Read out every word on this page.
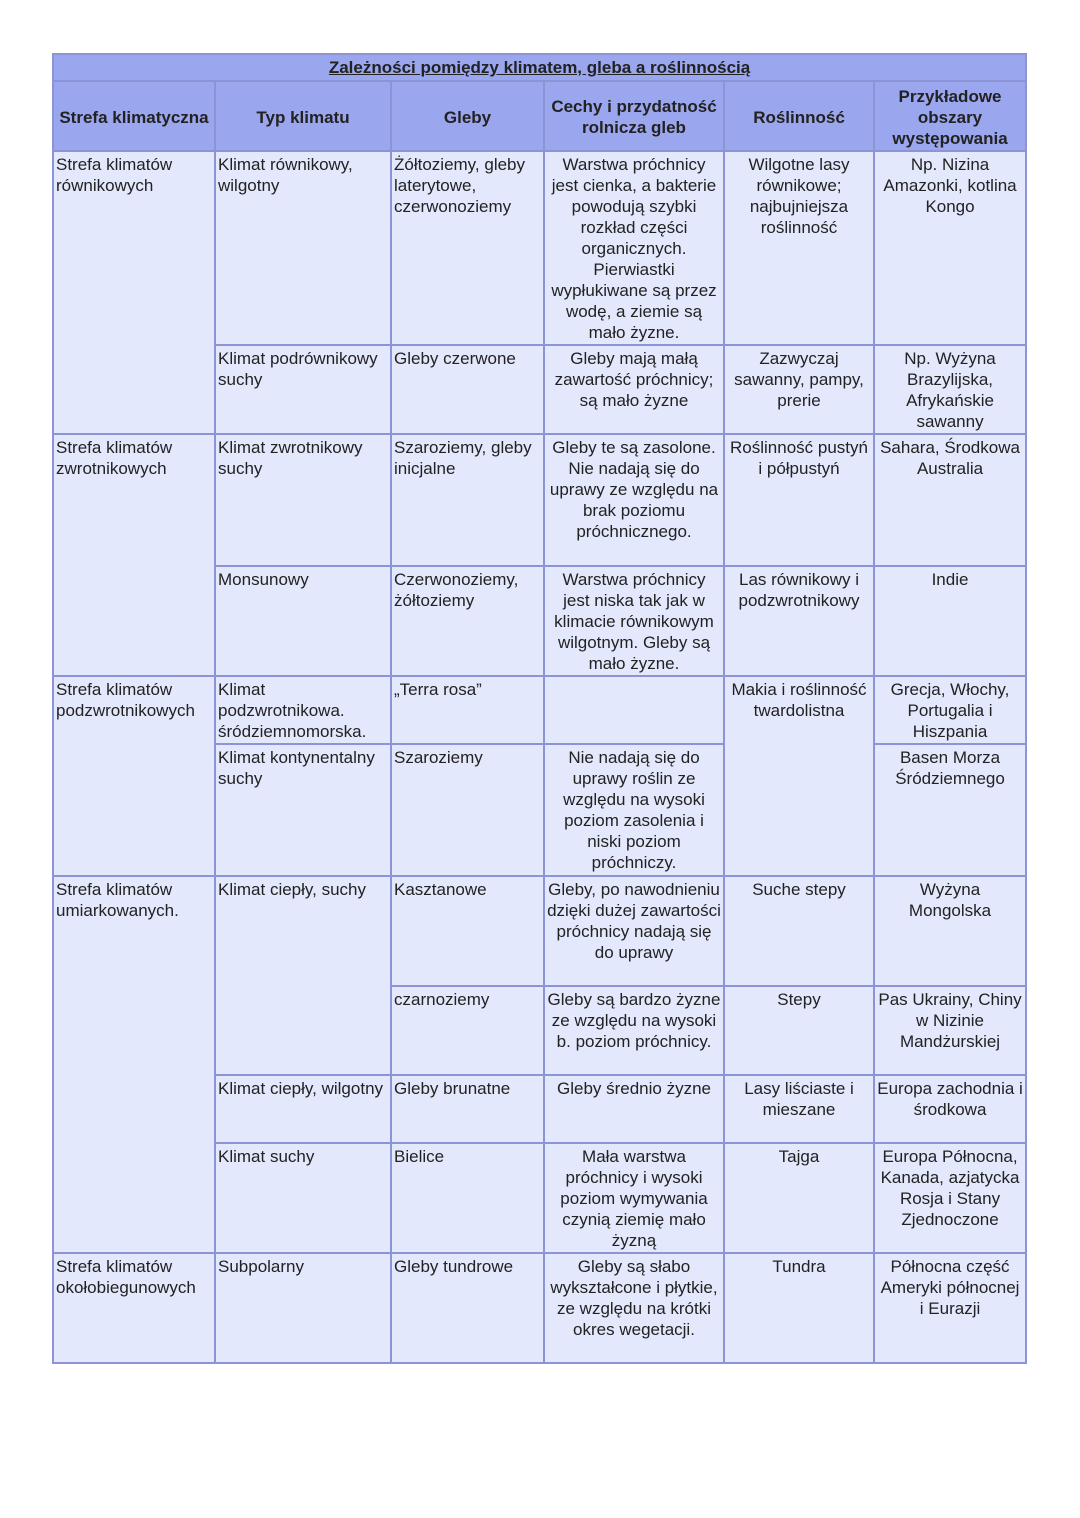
Zależności pomiędzy klimatem, gleba a roślinnością					
Strefa klimatyczna	Typ klimatu	Gleby	Cechy i przydatność rolnicza gleb	Roślinność	Przykładowe obszary występowania
Strefa klimatów równikowych	Klimat równikowy, wilgotny	Żółtoziemy, gleby laterytowe, czerwonoziemy	Warstwa próchnicy jest cienka, a bakterie powodują szybki rozkład części organicznych. Pierwiastki wypłukiwane są przez wodę, a ziemie są mało żyzne.	Wilgotne lasy równikowe; najbujniejsza roślinność	Np. Nizina Amazonki, kotlina Kongo
	Klimat podrównikowy suchy	Gleby czerwone	Gleby mają małą zawartość próchnicy; są mało żyzne	Zazwyczaj sawanny, pampy, prerie	Np. Wyżyna Brazylijska, Afrykańskie sawanny
Strefa klimatów zwrotnikowych	Klimat zwrotnikowy suchy	Szaroziemy, gleby inicjalne	Gleby te są zasolone. Nie nadają się do uprawy ze względu na brak poziomu próchnicznego.	Roślinność pustyń i półpustyń	Sahara, Środkowa Australia
	Monsunowy	Czerwonoziemy, żółtoziemy	Warstwa próchnicy jest niska tak jak w klimacie równikowym wilgotnym. Gleby są mało żyzne.	Las równikowy i podzwrotnikowy	Indie
Strefa klimatów podzwrotnikowych	Klimat podzwrotnikowa. śródziemnomorska.	„Terra rosa”		Makia i roślinność twardolistna	Grecja, Włochy, Portugalia i Hiszpania
	Klimat kontynentalny suchy	Szaroziemy	Nie nadają się do uprawy roślin ze względu na wysoki poziom zasolenia i niski poziom próchniczy.		Basen Morza Śródziemnego
Strefa klimatów umiarkowanych.	Klimat ciepły, suchy	Kasztanowe	Gleby, po nawodnieniu dzięki dużej zawartości próchnicy nadają się do uprawy	Suche stepy	Wyżyna Mongolska
		czarnoziemy	Gleby są bardzo żyzne ze względu na wysoki b. poziom próchnicy.	Stepy	Pas Ukrainy, Chiny w Nizinie Mandżurskiej
	Klimat ciepły, wilgotny	Gleby brunatne	Gleby średnio żyzne	Lasy liściaste i mieszane	Europa zachodnia i środkowa
	Klimat suchy	Bielice	Mała warstwa próchnicy i wysoki poziom wymywania czynią ziemię mało żyzną	Tajga	Europa Północna, Kanada, azjatycka Rosja i Stany Zjednoczone
Strefa klimatów okołobiegunowych	Subpolarny	Gleby tundrowe	Gleby są słabo wykształcone i płytkie, ze względu na krótki okres wegetacji.	Tundra	Północna część Ameryki północnej i Eurazji
